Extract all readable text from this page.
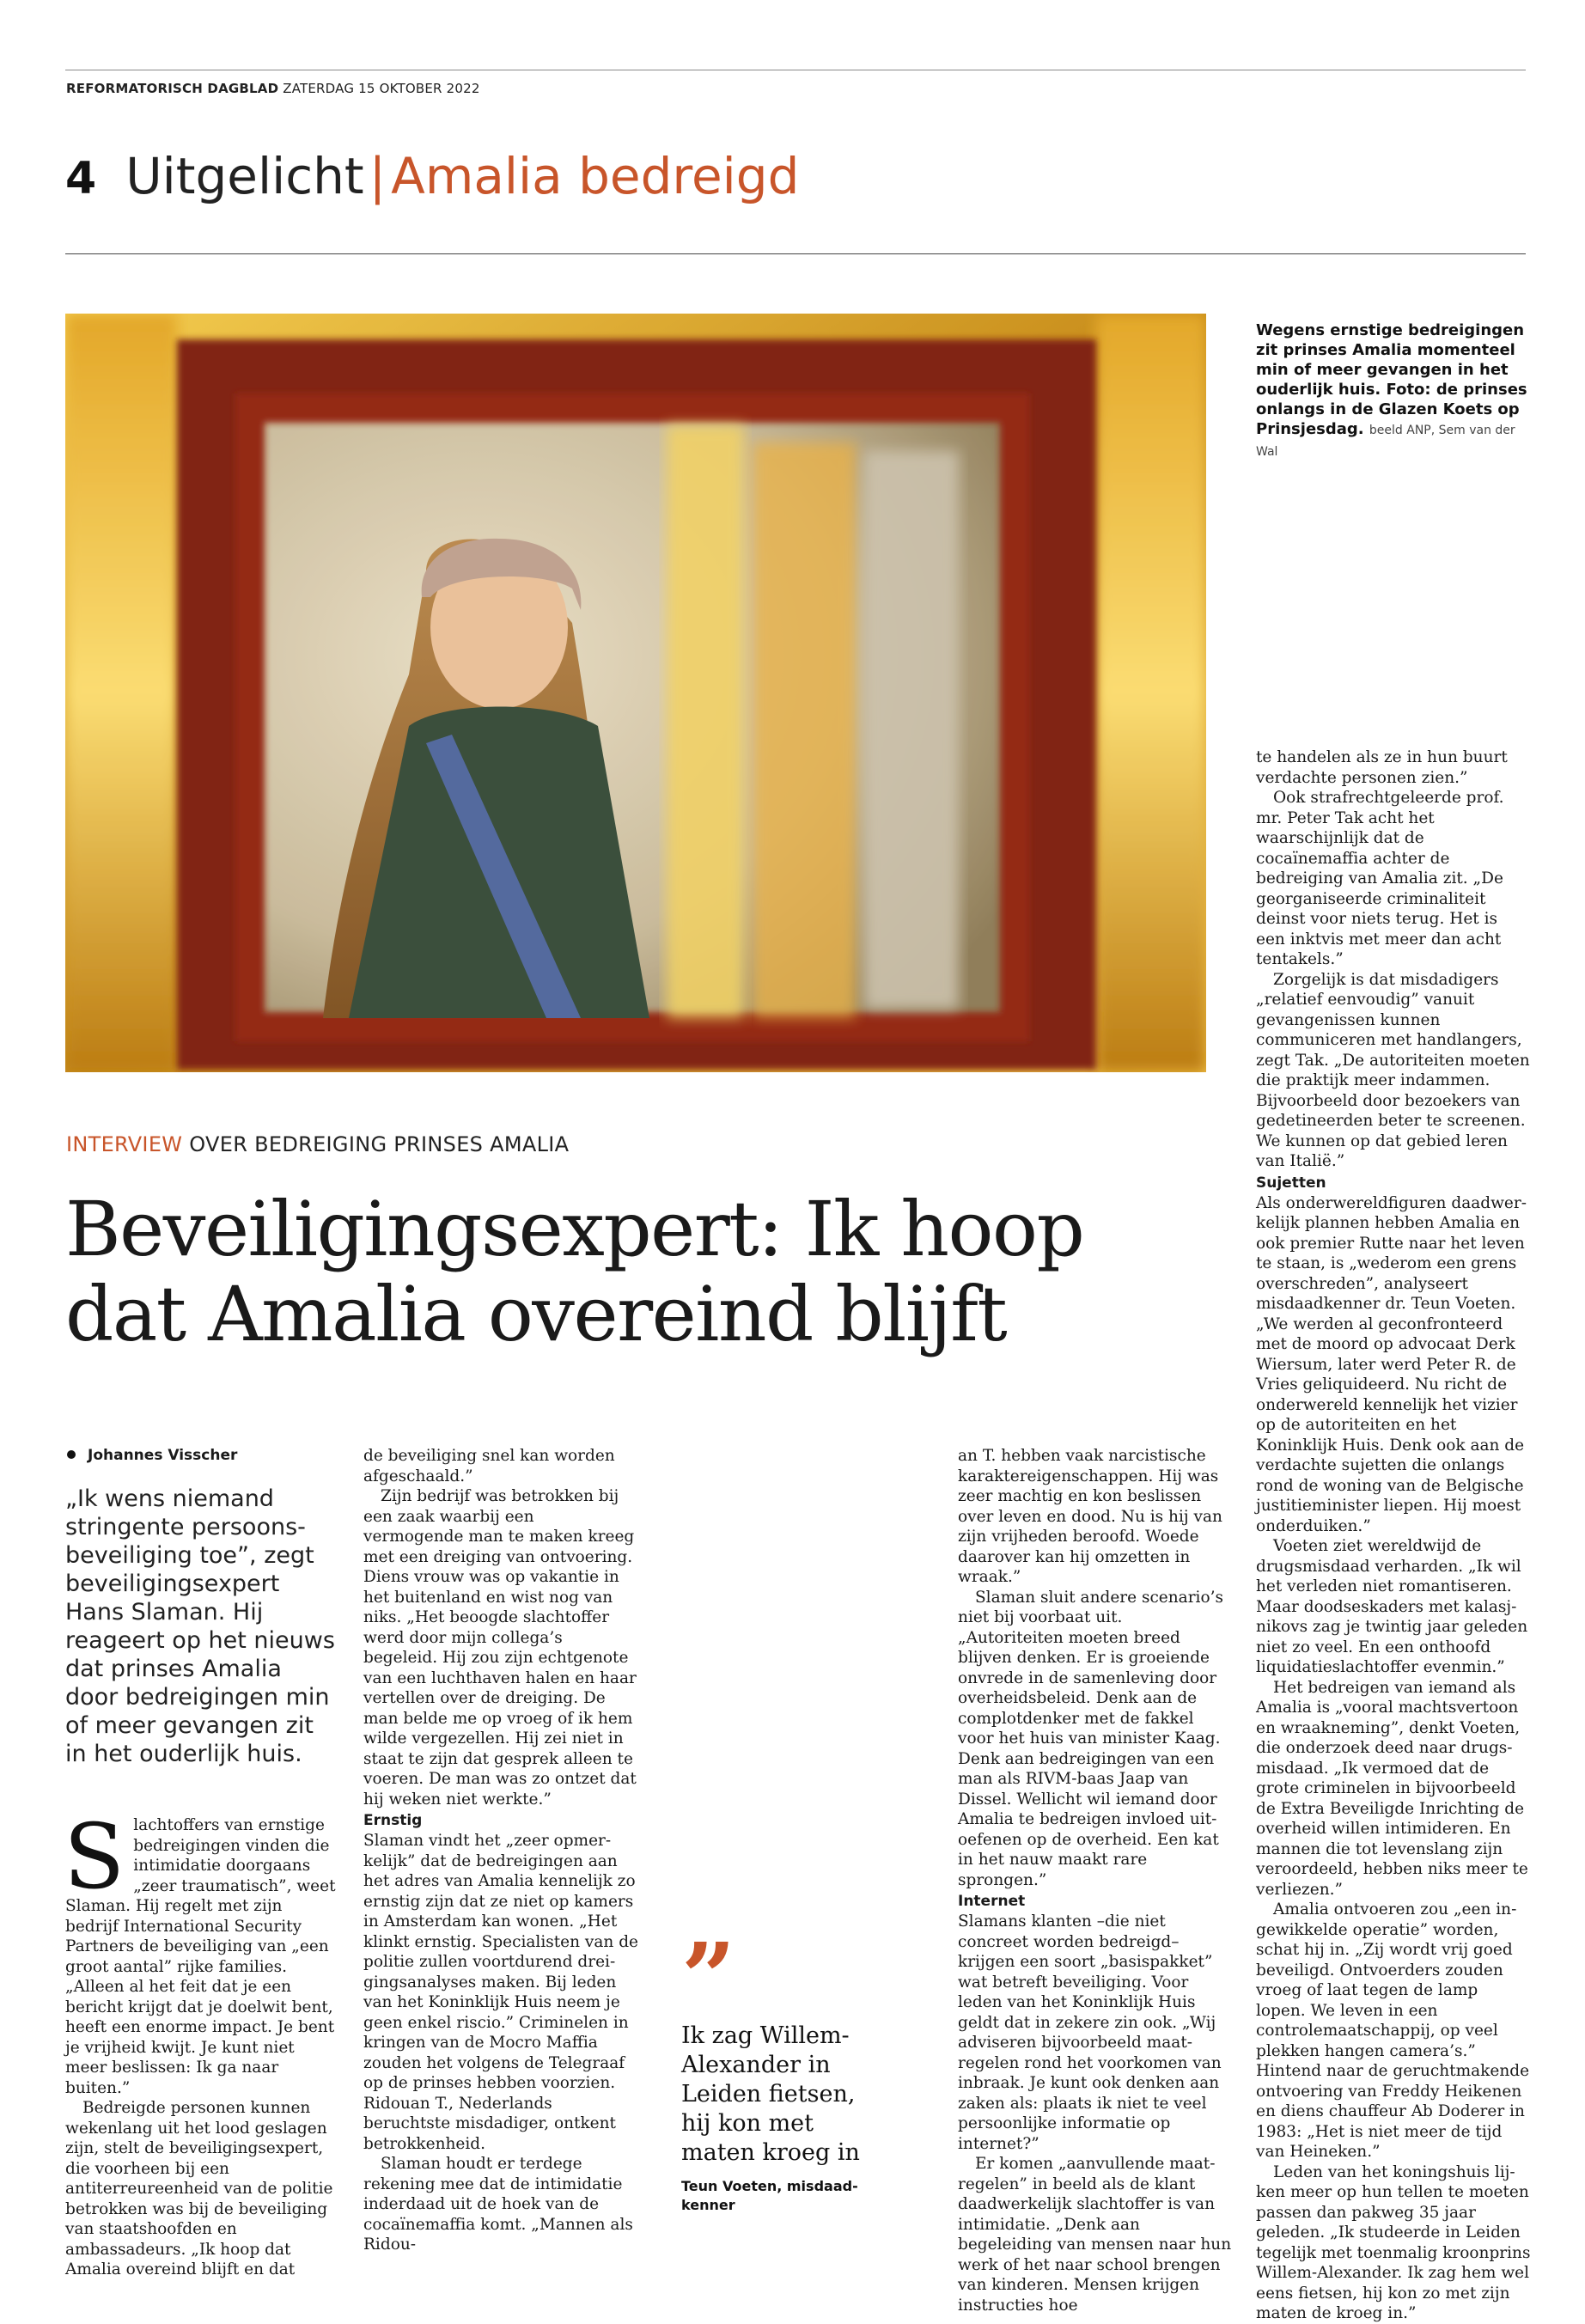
REFORMATORISCH DAGBLAD ZATERDAG 15 OKTOBER 2022
4 Uitgelicht | Amalia bedreigd
Wegens ernstige bedreigingen zit prinses Amalia momenteel min of meer gevangen in het ouderlijk huis. Foto: de prinses onlangs in de Glazen Koets op Prinsjesdag. beeld ANP, Sem van der Wal
INTERVIEW OVER BEDREIGING PRINSES AMALIA
Beveiligingsexpert: Ik hoop dat Amalia overeind blijft
Johannes Visscher
„Ik wens niemand stringente persoonsbeveiliging toe”, zegt beveiligingsexpert Hans Slaman. Hij reageert op het nieuws dat prinses Amalia door bedreigingen min of meer gevangen zit in het ouderlijk huis.

Slachtoffers van ernstige bedreigingen vinden die intimidatie doorgaans „zeer traumatisch”, weet Slaman. Hij regelt met zijn bedrijf International Security Partners de beveiliging van „een groot aantal” rijke families. „Alleen al het feit dat je een bericht krijgt dat je doelwit bent, heeft een enorme impact. Je bent je vrijheid kwijt. Je kunt niet meer beslissen: Ik ga naar buiten.”

Bedreigde personen kunnen wekenlang uit het lood geslagen zijn, stelt de beveiligingsexpert, die voorheen bij een antiterreureenheid van de politie betrokken was bij de beveiliging van staatshoofden en ambassadeurs. „Ik hoop dat Amalia overeind blijft en dat

de beveiliging snel kan worden afgeschaald.”

Zijn bedrijf was betrokken bij een zaak waarbij een vermogende man te maken kreeg met een dreiging van ontvoering. Diens vrouw was op vakantie in het buitenland en wist nog van niks. „Het beoogde slachtoffer werd door mijn collega’s begeleid. Hij zou zijn echtgenote van een luchthaven halen en haar vertellen over de dreiging. De man belde me op vroeg of ik hem wilde vergezellen. Hij zei niet in staat te zijn dat gesprek alleen te voeren. De man was zo ontzet dat hij weken niet werkte.”

Ernstig

Slaman vindt het „zeer opmerkelijk” dat de bedreigingen aan het adres van Amalia kennelijk zo ernstig zijn dat ze niet op kamers in Amsterdam kan wonen. „Het klinkt ernstig. Specialisten van de politie zullen voortdurend dreigingsanalyses maken. Bij leden van het Koninklijk Huis neem je geen enkel riscio.” Criminelen in kringen van de Mocro Maffia zouden het volgens de Telegraaf op de prinses hebben voorzien. Ridouan T., Nederlands beruchtste misdadiger, ontkent betrokkenheid.

Slaman houdt er terdege rekening mee dat de intimidatie inderdaad uit de hoek van de cocaïnemaffia komt. „Mannen als Ridou-

”
Ik zag Willem-Alexander in Leiden fietsen, hij kon met maten kroeg in
Teun Voeten, misdaadkenner

an T. hebben vaak narcistische karaktereigenschappen. Hij was zeer machtig en kon beslissen over leven en dood. Nu is hij van zijn vrijheden beroofd. Woede daarover kan hij omzetten in wraak.”

Slaman sluit andere scenario’s niet bij voorbaat uit. „Autoriteiten moeten breed blijven denken. Er is groeiende onvrede in de samenleving door overheidsbeleid. Denk aan de complotdenker met de fakkel voor het huis van minister Kaag. Denk aan bedreigingen van een man als RIVM-baas Jaap van Dissel. Wellicht wil iemand door Amalia te bedreigen invloed uitoefenen op de overheid. Een kat in het nauw maakt rare sprongen.”

Internet

Slamans klanten –die niet concreet worden bedreigd– krijgen een soort „basispakket” wat betreft beveiliging. Voor leden van het Koninklijk Huis geldt dat in zekere zin ook. „Wij adviseren bijvoorbeeld maatregelen rond het voorkomen van inbraak. Je kunt ook denken aan zaken als: plaats ik niet te veel persoonlijke informatie op internet?”

Er komen „aanvullende maatregelen” in beeld als de klant daadwerkelijk slachtoffer is van intimidatie. „Denk aan begeleiding van mensen naar hun werk of het naar school brengen van kinderen. Mensen krijgen instructies hoe

te handelen als ze in hun buurt verdachte personen zien.”

Ook strafrechtgeleerde prof. mr. Peter Tak acht het waarschijnlijk dat de cocaïnemaffia achter de bedreiging van Amalia zit. „De georganiseerde criminaliteit deinst voor niets terug. Het is een inktvis met meer dan acht tentakels.”

Zorgelijk is dat misdadigers „relatief eenvoudig” vanuit gevangenissen kunnen communiceren met handlangers, zegt Tak. „De autoriteiten moeten die praktijk meer indammen. Bijvoorbeeld door bezoekers van gedetineerden beter te screenen. We kunnen op dat gebied leren van Italië.”

Sujetten

Als onderwereldfiguren daadwerkelijk plannen hebben Amalia en ook premier Rutte naar het leven te staan, is „wederom een grens overschreden”, analyseert misdaadkenner dr. Teun Voeten. „We werden al geconfronteerd met de moord op advocaat Derk Wiersum, later werd Peter R. de Vries geliquideerd. Nu richt de onderwereld kennelijk het vizier op de autoriteiten en het Koninklijk Huis. Denk ook aan de verdachte sujetten die onlangs rond de woning van de Belgische justitieminister liepen. Hij moest onderduiken.”

Voeten ziet wereldwijd de drugsmisdaad verharden. „Ik wil het verleden niet romantiseren. Maar doodseskaders met kalasjnikovs zag je twintig jaar geleden niet zo veel. En een onthoofd liquidatieslachtoffer evenmin.”

Het bedreigen van iemand als Amalia is „vooral machtsvertoon en wraakneming”, denkt Voeten, die onderzoek deed naar drugsmisdaad. „Ik vermoed dat de grote criminelen in bijvoorbeeld de Extra Beveiligde Inrichting de overheid willen intimideren. En mannen die tot levenslang zijn veroordeeld, hebben niks meer te verliezen.”

Amalia ontvoeren zou „een ingewikkelde operatie” worden, schat hij in. „Zij wordt vrij goed beveiligd. Ontvoerders zouden vroeg of laat tegen de lamp lopen. We leven in een controlemaatschappij, op veel plekken hangen camera’s.” Hintend naar de geruchtmakende ontvoering van Freddy Heikenen en diens chauffeur Ab Doderer in 1983: „Het is niet meer de tijd van Heineken.”

Leden van het koningshuis lijken meer op hun tellen te moeten passen dan pakweg 35 jaar geleden. „Ik studeerde in Leiden tegelijk met toenmalig kroonprins Willem-Alexander. Ik zag hem wel eens fietsen, hij kon zo met zijn maten de kroeg in.”
